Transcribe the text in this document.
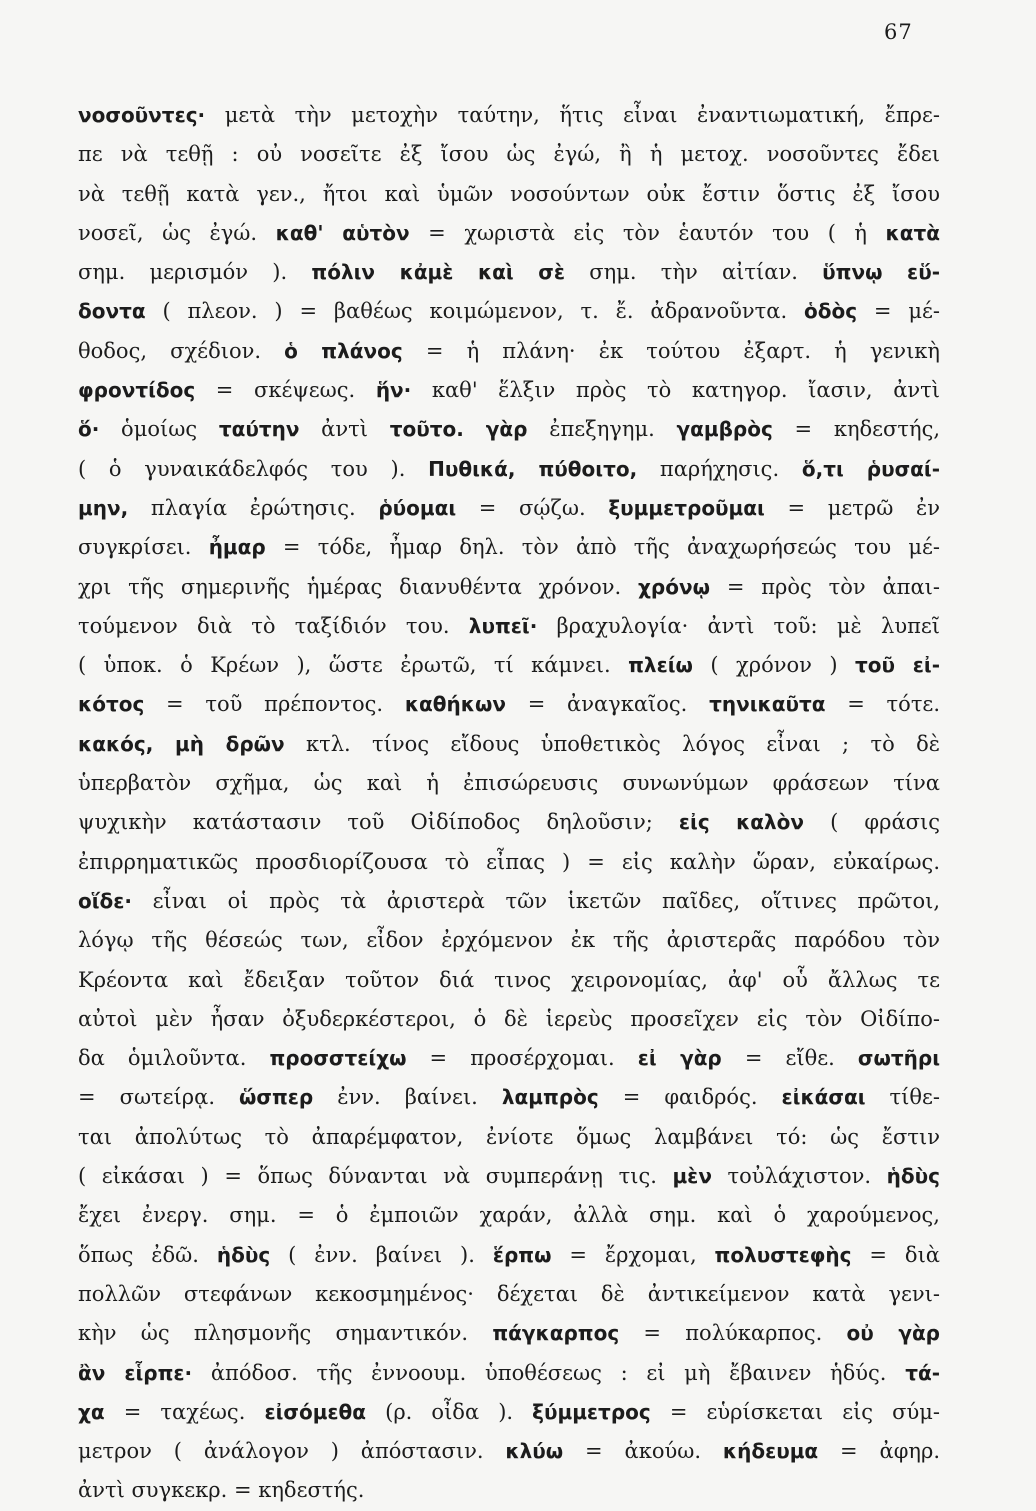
67
νοσοῦντες· μετὰ τὴν μετοχὴν ταύτην, ἥτις εἶναι ἐναντιωματική, ἔπρε-
πε νὰ τεθῇ : οὐ νοσεῖτε ἐξ ἴσου ὡς ἐγώ, ἢ ἡ μετοχ. νοσοῦντες ἔδει
νὰ τεθῇ κατὰ γεν., ἤτοι καὶ ὑμῶν νοσούντων οὐκ ἔστιν ὅστις ἐξ ἴσου
νοσεῖ, ὡς ἐγώ. καθ' αὑτὸν = χωριστὰ εἰς τὸν ἑαυτόν του ( ἡ κατὰ
σημ. μερισμόν ). πόλιν κἀμὲ καὶ σὲ σημ. τὴν αἰτίαν. ὕπνῳ εὕ-
δοντα ( πλεον. ) = βαθέως κοιμώμενον, τ. ἔ. ἀδρανοῦντα. ὁδὸς = μέ-
θοδος, σχέδιον. ὁ πλάνος = ἡ πλάνη· ἐκ τούτου ἐξαρτ. ἡ γενικὴ
φροντίδος = σκέψεως. ἥν· καθ' ἕλξιν πρὸς τὸ κατηγορ. ἴασιν, ἀντὶ
ὅ· ὁμοίως ταύτην ἀντὶ τοῦτο. γὰρ ἐπεξηγημ. γαμβρὸς = κηδεστής,
( ὁ γυναικάδελφός του ). Πυθικά, πύθοιτο, παρήχησις. ὅ,τι ῥυσαί-
μην, πλαγία ἐρώτησις. ῥύομαι = σῴζω. ξυμμετροῦμαι = μετρῶ ἐν
συγκρίσει. ἦμαρ = τόδε, ἦμαρ δηλ. τὸν ἀπὸ τῆς ἀναχωρήσεώς του μέ-
χρι τῆς σημερινῆς ἡμέρας διανυθέντα χρόνον. χρόνῳ = πρὸς τὸν ἀπαι-
τούμενον διὰ τὸ ταξίδιόν του. λυπεῖ· βραχυλογία· ἀντὶ τοῦ: μὲ λυπεῖ
( ὑποκ. ὁ Κρέων ), ὥστε ἐρωτῶ, τί κάμνει. πλείω ( χρόνον ) τοῦ εἰ-
κότος = τοῦ πρέποντος. καθήκων = ἀναγκαῖος. τηνικαῦτα = τότε.
κακός, μὴ δρῶν κτλ. τίνος εἴδους ὑποθετικὸς λόγος εἶναι ; τὸ δὲ
ὑπερβατὸν σχῆμα, ὡς καὶ ἡ ἐπισώρευσις συνωνύμων φράσεων τίνα
ψυχικὴν κατάστασιν τοῦ Οἰδίποδος δηλοῦσιν; εἰς καλὸν ( φράσις
ἐπιρρηματικῶς προσδιορίζουσα τὸ εἶπας ) = εἰς καλὴν ὥραν, εὐκαίρως.
οἵδε· εἶναι οἱ πρὸς τὰ ἀριστερὰ τῶν ἱκετῶν παῖδες, οἵτινες πρῶτοι,
λόγῳ τῆς θέσεώς των, εἶδον ἐρχόμενον ἐκ τῆς ἀριστερᾶς παρόδου τὸν
Κρέοντα καὶ ἔδειξαν τοῦτον διά τινος χειρονομίας, ἀφ' οὗ ἄλλως τε
αὐτοὶ μὲν ἦσαν ὀξυδερκέστεροι, ὁ δὲ ἱερεὺς προσεῖχεν εἰς τὸν Οἰδίπο-
δα ὁμιλοῦντα. προσστείχω = προσέρχομαι. εἰ γὰρ = εἴθε. σωτῆρι
= σωτείρᾳ. ὥσπερ ἐνν. βαίνει. λαμπρὸς = φαιδρός. εἰκάσαι τίθε-
ται ἀπολύτως τὸ ἀπαρέμφατον, ἐνίοτε ὅμως λαμβάνει τό: ὡς ἔστιν
( εἰκάσαι ) = ὅπως δύνανται νὰ συμπεράνῃ τις. μὲν τοὐλάχιστον. ἡδὺς
ἔχει ἐνεργ. σημ. = ὁ ἐμποιῶν χαράν, ἀλλὰ σημ. καὶ ὁ χαρούμενος,
ὅπως ἐδῶ. ἡδὺς ( ἐνν. βαίνει ). ἕρπω = ἔρχομαι, πολυστεφὴς = διὰ
πολλῶν στεφάνων κεκοσμημένος· δέχεται δὲ ἀντικείμενον κατὰ γενι-
κὴν ὡς πλησμονῆς σημαντικόν. πάγκαρπος = πολύκαρπος. οὐ γὰρ
ἂν εἷρπε· ἀπόδοσ. τῆς ἐννοουμ. ὑποθέσεως : εἰ μὴ ἔβαινεν ἡδύς. τά-
χα = ταχέως. εἰσόμεθα (ρ. οἶδα ). ξύμμετρος = εὑρίσκεται εἰς σύμ-
μετρον ( ἀνάλογον ) ἀπόστασιν. κλύω = ἀκούω. κήδευμα = ἀφηρ.
ἀντὶ συγκεκρ. = κηδεστής.
